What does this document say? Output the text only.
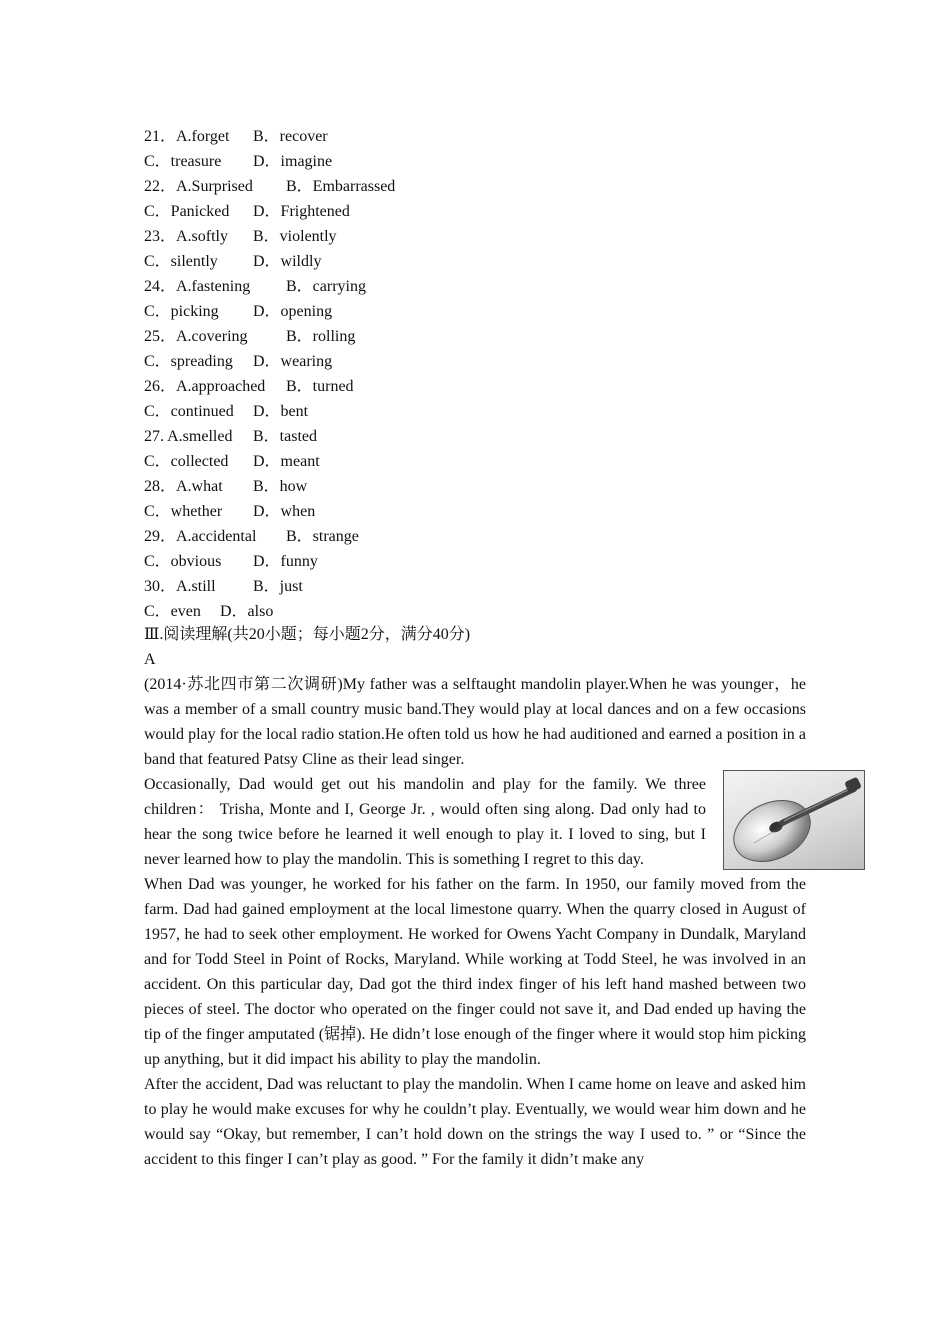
21．A.forget B．recover
C．treasure D．imagine
22．A.Surprised B．Embarrassed
C．Panicked D．Frightened
23．A.softly B．violently
C．silently D．wildly
24．A.fastening B．carrying
C．picking D．opening
25．A.covering B．rolling
C．spreading D．wearing
26．A.approached B．turned
C．continued D．bent
27. A.smelled B．tasted
C．collected D．meant
28．A.what B．how
C．whether D．when
29．A.accidental B．strange
C．obvious D．funny
30．A.still B．just
C．even D．also
Ⅲ.阅读理解(共20小题；每小题2分，满分40分)
A

(2014·苏北四市第二次调研)My father was a selftaught mandolin player.When he was younger，he was a member of a small country music band.They would play at local dances and on a few occasions would play for the local radio station.He often told us how he had auditioned and earned a position in a band that featured Patsy Cline as their lead singer.

Occasionally, Dad would get out his mandolin and play for the family. We three children： Trisha, Monte and I, George Jr. , would often sing along. Dad only had to hear the song twice before he learned it well enough to play it. I loved to sing, but I never learned how to play the mandolin. This is something I regret to this day.

When Dad was younger, he worked for his father on the farm. In 1950, our family moved from the farm. Dad had gained employment at the local limestone quarry. When the quarry closed in August of 1957, he had to seek other employment. He worked for Owens Yacht Company in Dundalk, Maryland and for Todd Steel in Point of Rocks, Maryland. While working at Todd Steel, he was involved in an accident. On this particular day, Dad got the third index finger of his left hand mashed between two pieces of steel. The doctor who operated on the finger could not save it, and Dad ended up having the tip of the finger amputated (锯掉). He didn’t lose enough of the finger where it would stop him picking up anything, but it did impact his ability to play the mandolin.

After the accident, Dad was reluctant to play the mandolin. When I came home on leave and asked him to play he would make excuses for why he couldn’t play. Eventually, we would wear him down and he would say “Okay, but remember, I can’t hold down on the strings the way I used to. ” or “Since the accident to this finger I can’t play as good. ” For the family it didn’t make any
